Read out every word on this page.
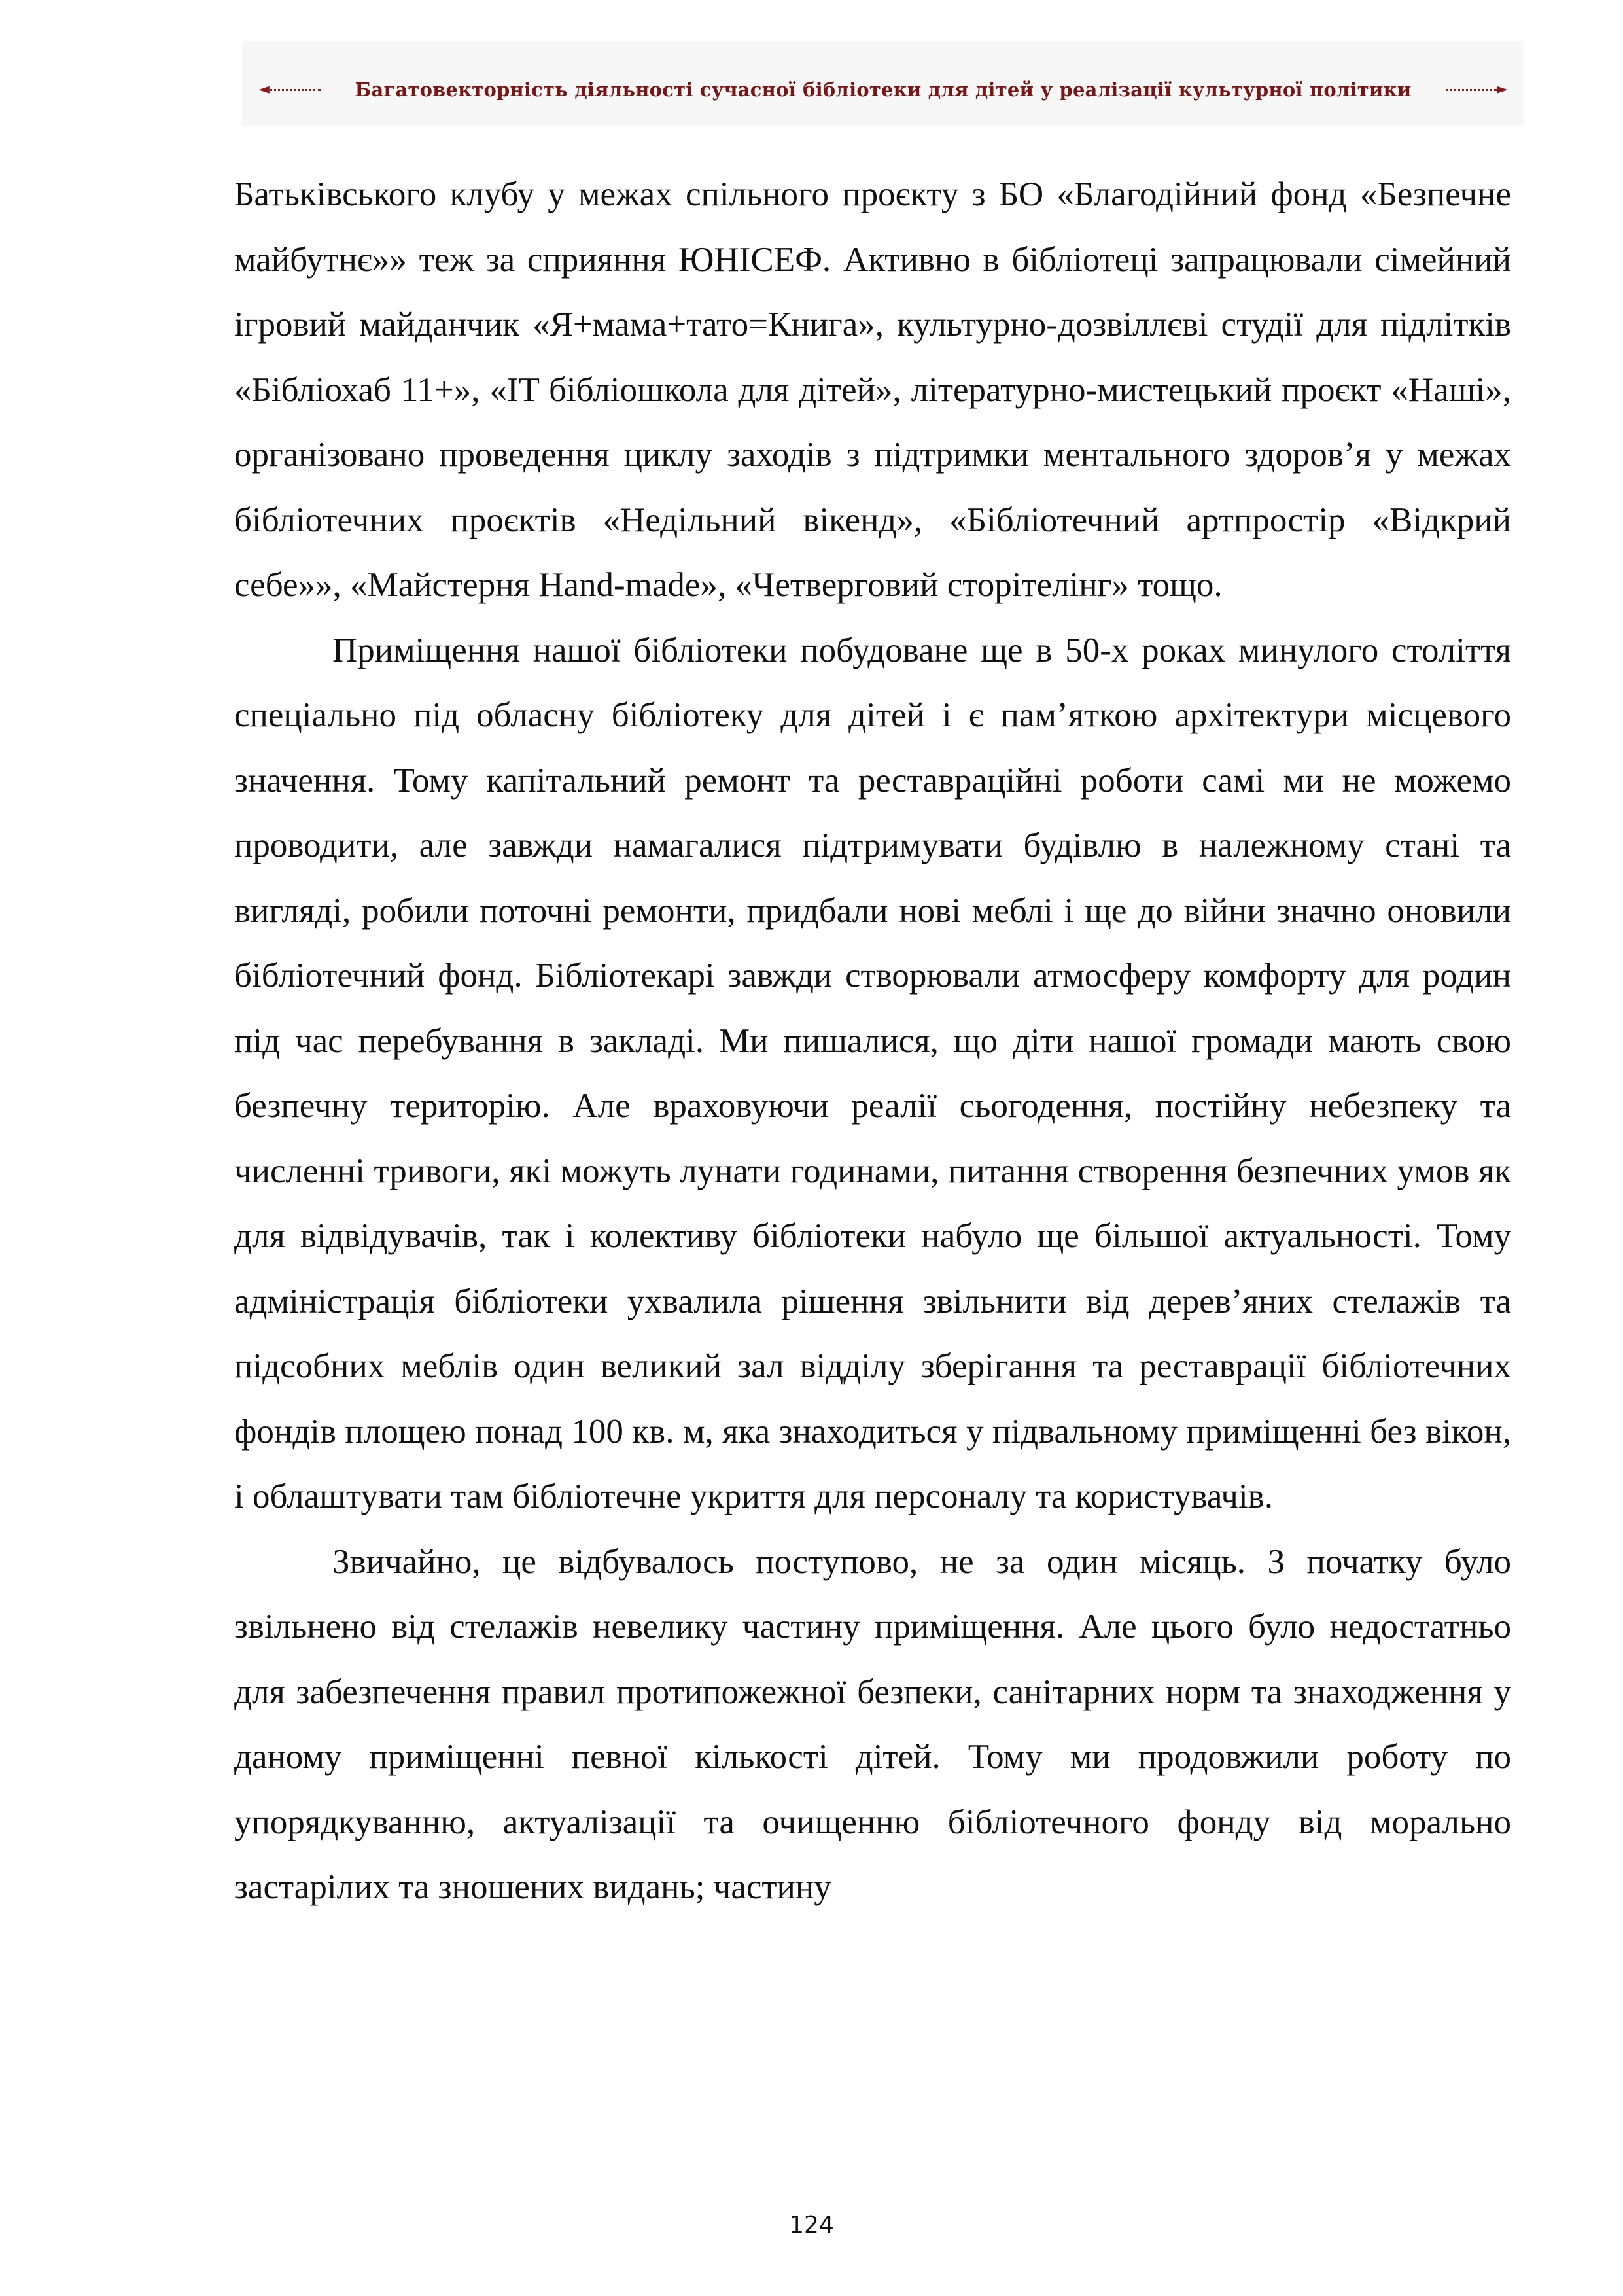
◄	Багатовекторність діяльності сучасної бібліотеки для дітей у реалізації культурної політики	►

Батьківського клубу у межах спільного проєкту з БО «Благодійний фонд «Безпечне майбутнє»» теж за сприяння ЮНІСЕФ. Активно в бібліотеці запрацювали сімейний ігровий майданчик «Я+мама+тато=Книга», культурно-дозвіллєві студії для підлітків «Бібліохаб 11+», «IT бібліошкола для дітей», літературно-мистецький проєкт «Наші», організовано проведення циклу заходів з підтримки ментального здоров’я у межах бібліотечних проєктів «Недільний вікенд», «Бібліотечний артпростір «Відкрий себе»», «Майстерня Hand-made», «Четверговий сторітелінг» тощо.

Приміщення нашої бібліотеки побудоване ще в 50-х роках минулого століття спеціально під обласну бібліотеку для дітей і є пам’яткою архітектури місцевого значення. Тому капітальний ремонт та реставраційні роботи самі ми не можемо проводити, але завжди намагалися підтримувати будівлю в належному стані та вигляді, робили поточні ремонти, придбали нові меблі і ще до війни значно оновили бібліотечний фонд. Бібліотекарі завжди створювали атмосферу комфорту для родин під час перебування в закладі. Ми пишалися, що діти нашої громади мають свою безпечну територію. Але враховуючи реалії сьогодення, постійну небезпеку та численні тривоги, які можуть лунати годинами, питання створення безпечних умов як для відвідувачів, так і колективу бібліотеки набуло ще більшої актуальності. Тому адміністрація бібліотеки ухвалила рішення звільнити від дерев’яних стелажів та підсобних меблів один великий зал відділу зберігання та реставрації бібліотечних фондів площею понад 100 кв. м, яка знаходиться у підвальному приміщенні без вікон, і облаштувати там бібліотечне укриття для персоналу та користувачів.

Звичайно, це відбувалось поступово, не за один місяць. З початку було звільнено від стелажів невелику частину приміщення. Але цього було недостатньо для забезпечення правил протипожежної безпеки, санітарних норм та знаходження у даному приміщенні певної кількості дітей. Тому ми продовжили роботу по упорядкуванню, актуалізації та очищенню бібліотечного фонду від морально застарілих та зношених видань; частину

124
